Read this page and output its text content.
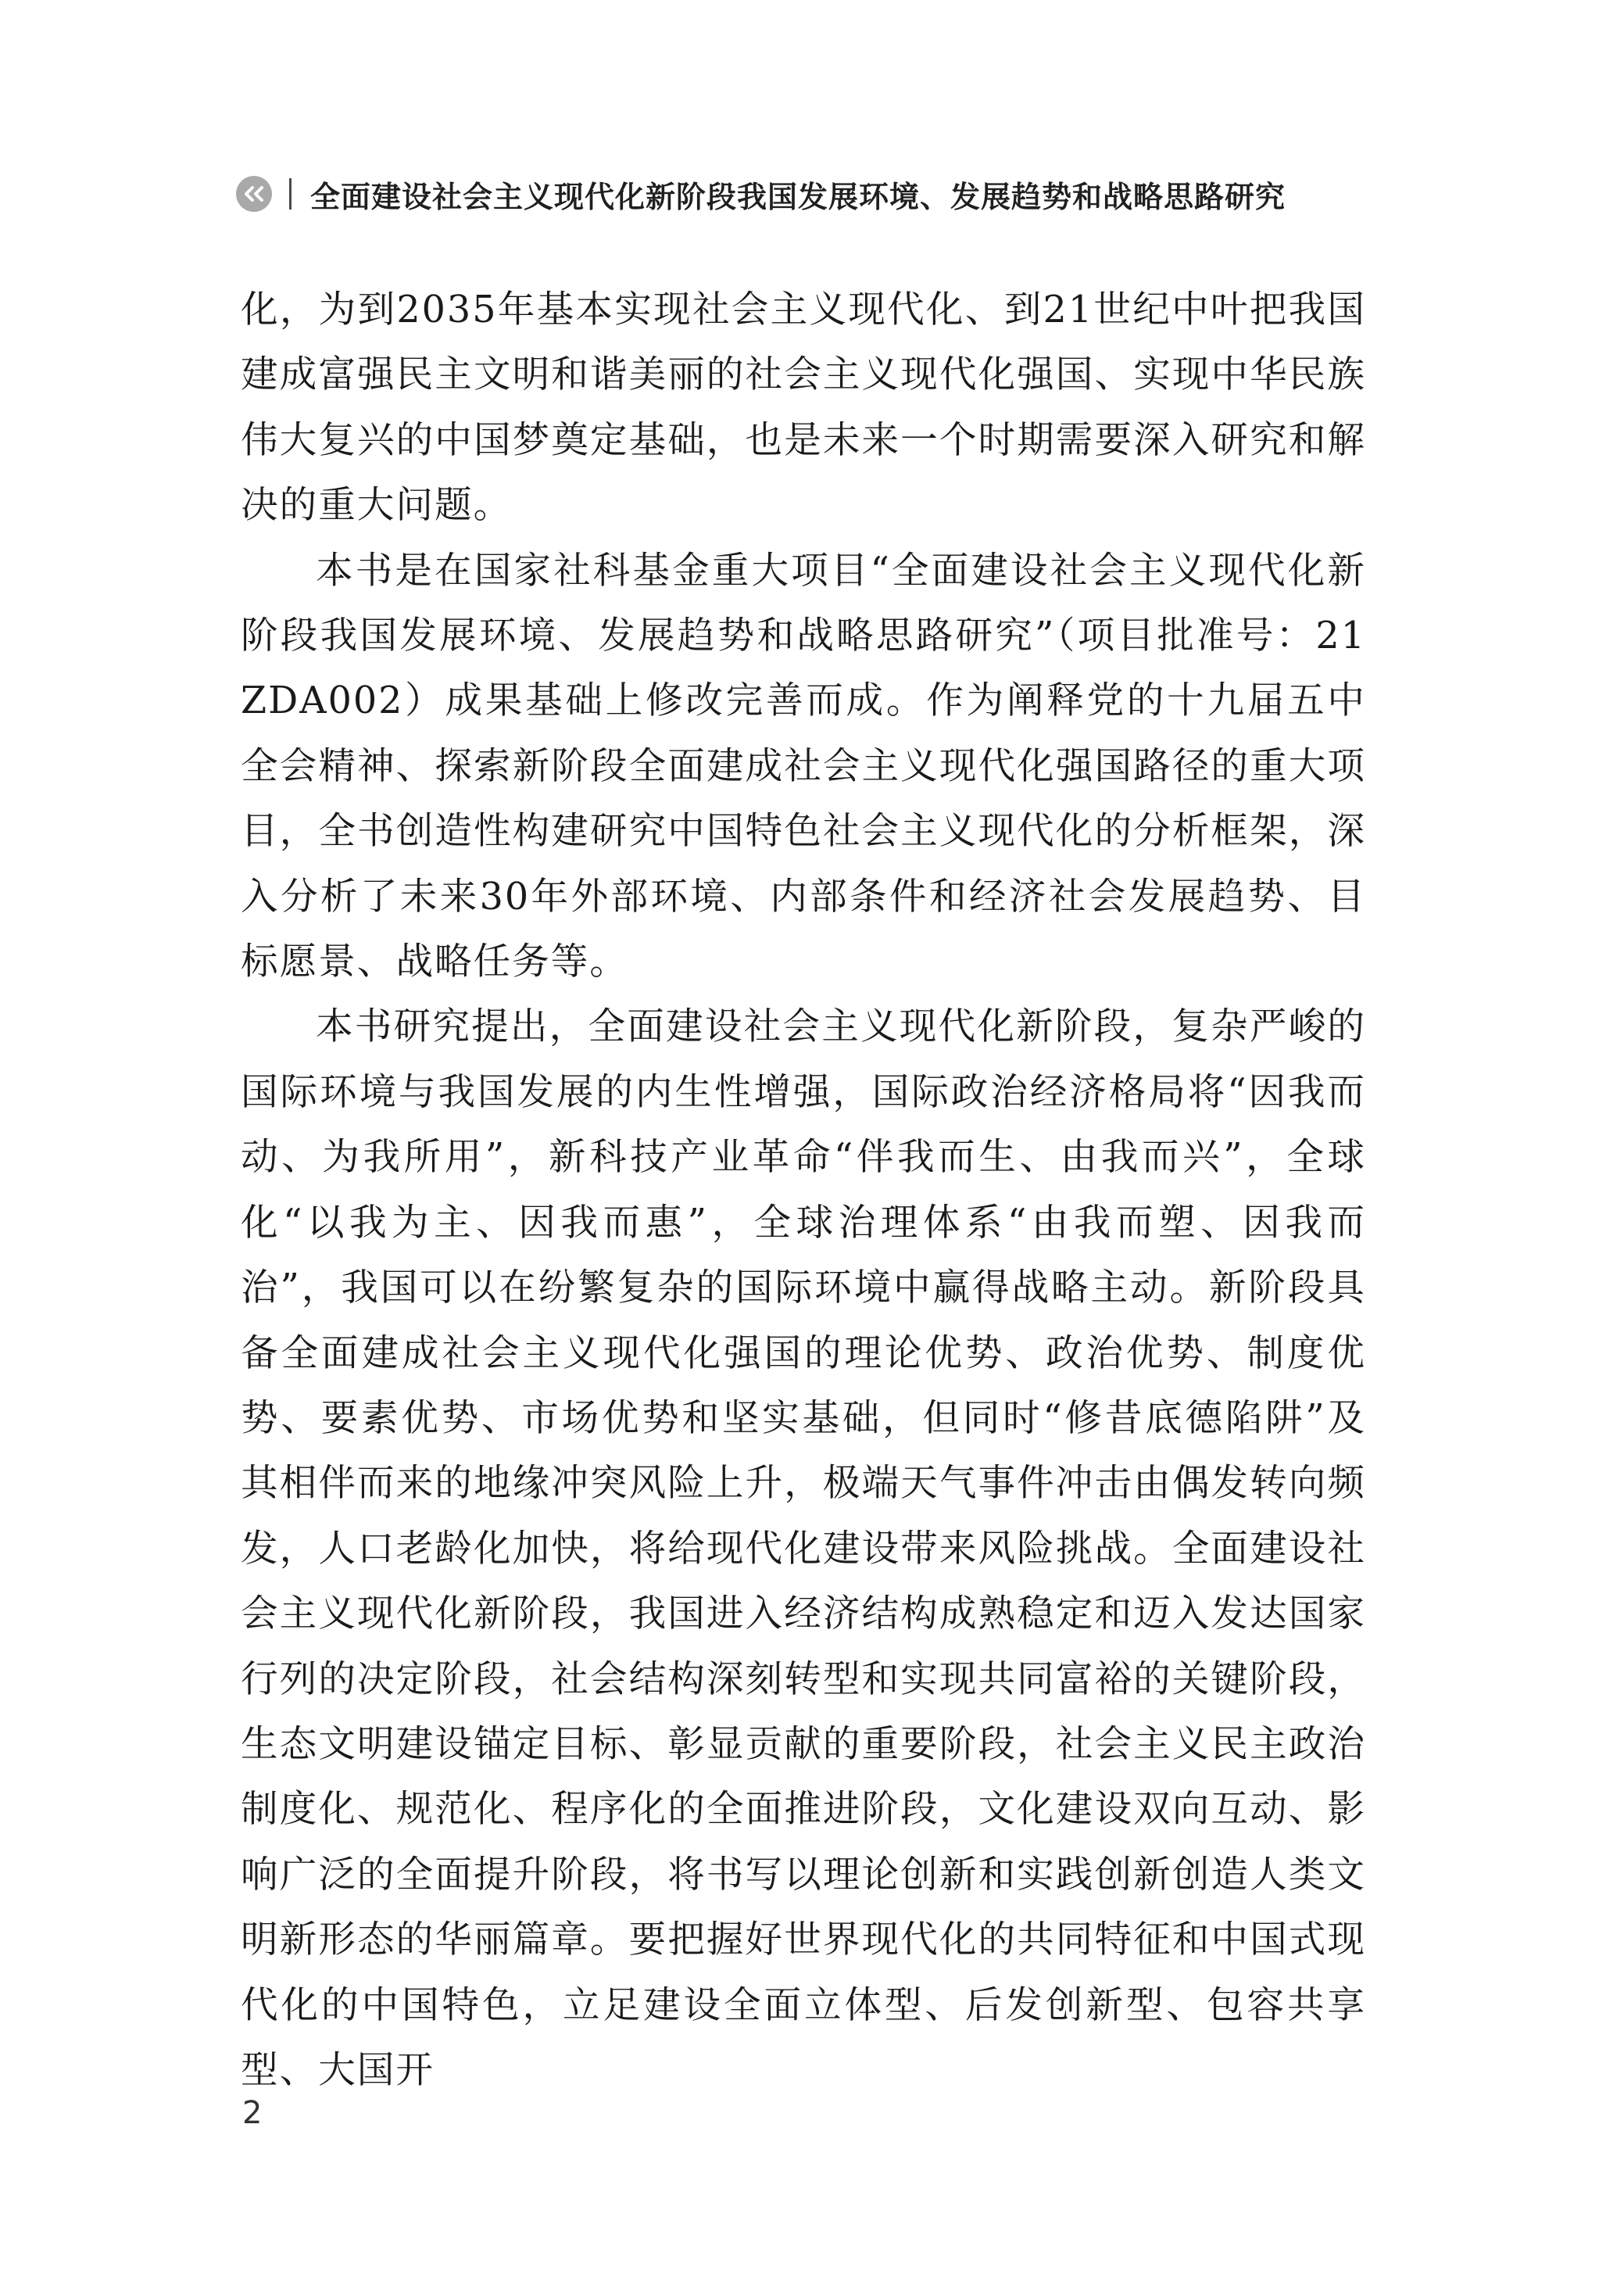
全面建设社会主义现代化新阶段我国发展环境、发展趋势和战略思路研究

化，为到2035年基本实现社会主义现代化、到21世纪中叶把我国建成富强民主文明和谐美丽的社会主义现代化强国、实现中华民族伟大复兴的中国梦奠定基础，也是未来一个时期需要深入研究和解决的重大问题。

本书是在国家社科基金重大项目“全面建设社会主义现代化新阶段我国发展环境、发展趋势和战略思路研究”（项目批准号：21ZDA002）成果基础上修改完善而成。作为阐释党的十九届五中全会精神、探索新阶段全面建成社会主义现代化强国路径的重大项目，全书创造性构建研究中国特色社会主义现代化的分析框架，深入分析了未来30年外部环境、内部条件和经济社会发展趋势、目标愿景、战略任务等。

本书研究提出，全面建设社会主义现代化新阶段，复杂严峻的国际环境与我国发展的内生性增强，国际政治经济格局将“因我而动、为我所用”，新科技产业革命“伴我而生、由我而兴”，全球化“以我为主、因我而惠”，全球治理体系“由我而塑、因我而治”，我国可以在纷繁复杂的国际环境中赢得战略主动。新阶段具备全面建成社会主义现代化强国的理论优势、政治优势、制度优势、要素优势、市场优势和坚实基础，但同时“修昔底德陷阱”及其相伴而来的地缘冲突风险上升，极端天气事件冲击由偶发转向频发，人口老龄化加快，将给现代化建设带来风险挑战。全面建设社会主义现代化新阶段，我国进入经济结构成熟稳定和迈入发达国家行列的决定阶段，社会结构深刻转型和实现共同富裕的关键阶段，生态文明建设锚定目标、彰显贡献的重要阶段，社会主义民主政治制度化、规范化、程序化的全面推进阶段，文化建设双向互动、影响广泛的全面提升阶段，将书写以理论创新和实践创新创造人类文明新形态的华丽篇章。要把握好世界现代化的共同特征和中国式现代化的中国特色，立足建设全面立体型、后发创新型、包容共享型、大国开

2
